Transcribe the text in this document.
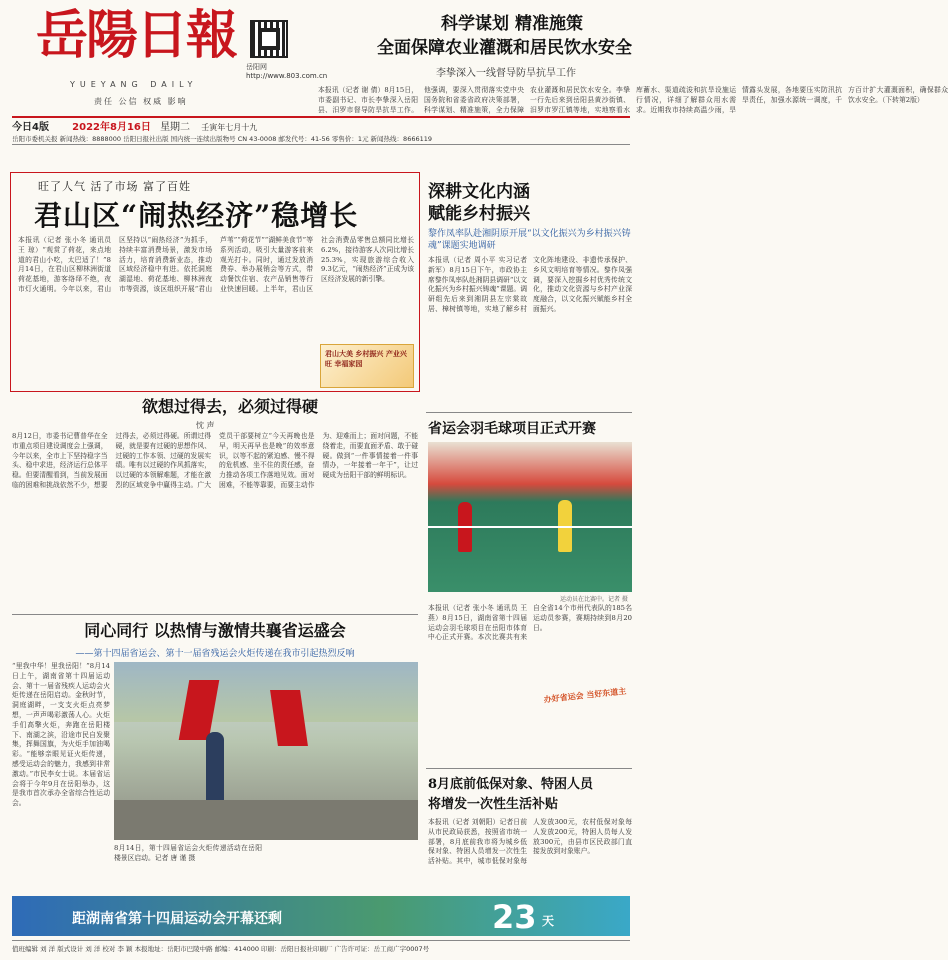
岳陽日報
YUEYANG DAILY
责任 公信 权威 影响
岳阳网
http://www.803.com.cn
科学谋划 精准施策
全面保障农业灌溉和居民饮水安全
李挚深入一线督导防旱抗旱工作
本报讯（记者 谢 倩）8月15日，市委副书记、市长李挚深入岳阳县、汨罗市督导防旱抗旱工作。他强调，要深入贯彻落实党中央国务院和省委省政府决策部署，科学谋划、精准施策，全力保障农业灌溉和居民饮水安全。李挚一行先后来到岳阳县黄沙街镇、汨罗市罗江镇等地，实地察看水库蓄水、渠道疏浚和抗旱设施运行情况，详细了解群众用水需求。近期我市持续高温少雨，旱情露头发展，各地要压实防汛抗旱责任，加强水源统一调度，千方百计扩大灌溉面积，确保群众饮水安全。（下转第2版）
今日4版 2022年8月16日 星期二 壬寅年七月十九
岳阳市委机关报 新闻热线：8888000 岳阳日报社出版 国内统一连续出版物号 CN 43-0008 邮发代号：41-56 零售价：1元 新闻热线：8666119
旺了人气 活了市场 富了百姓
君山区“闹热经济”稳增长
本报讯（记者 张小冬 通讯员 王 琼）“观赏了荷花，来点地道的君山小吃，太巴适了！”8月14日，在君山区柳林洲街道荷花基地，游客络绎不绝，夜市灯火通明。今年以来，君山区坚持以“闹热经济”为抓手，持续丰富消费场景，激发市场活力，培育消费新业态，推动区域经济稳中有进。依托洞庭湖湿地、荷花基地、柳林洲夜市等资源，该区组织开展“君山芦苇”“荷花节”“湖鲜美食节”等系列活动，吸引大量游客前来观光打卡。同时，通过发放消费券、举办展销会等方式，带动餐饮住宿、农产品销售等行业快速回暖。上半年，君山区社会消费品零售总额同比增长6.2%，接待游客人次同比增长25.3%，实现旅游综合收入9.3亿元，“闹热经济”正成为该区经济发展的新引擎。
君山大美 乡村振兴 产业兴旺 幸福家园
欲想过得去，必须过得硬
忱 声
8月12日，市委书记曹普华在全市重点项目建设调度会上强调，今年以来，全市上下坚持稳字当头、稳中求进，经济运行总体平稳。但要清醒看到，当前发展面临的困难和挑战依然不少，想要过得去，必须过得硬。所谓过得硬，就是要有过硬的思想作风、过硬的工作本领、过硬的发展实绩。唯有以过硬的作风抓落实，以过硬的本领解难题，才能在激烈的区域竞争中赢得主动。广大党员干部要树立“今天再晚也是早，明天再早也是晚”的效率意识，以等不起的紧迫感、慢不得的危机感、坐不住的责任感，奋力推动各项工作落地见效。面对困难，不能等靠要，而要主动作为、迎难而上；面对问题，不能绕着走，而要直面矛盾、敢于碰硬。做到“一件事情接着一件事情办，一年接着一年干”，让过硬成为岳阳干部的鲜明标识。
同心同行 以热情与激情共襄省运盛会
——第十四届省运会、第十一届省残运会火炬传递在我市引起热烈反响
“里我中华！里我岳阳！”8月14日上午，湖南省第十四届运动会、第十一届省残疾人运动会火炬传递在岳阳启动。金秋时节，洞庭湖畔，一支支火炬点亮梦想，一声声喝彩激荡人心。火炬手们高擎火炬，奔跑在岳阳楼下、南湖之滨，沿途市民自发聚集，挥舞国旗，为火炬手加油喝彩。“能够亲眼见证火炬传递，感受运动会的魅力，我感到非常激动。”市民李女士说。本届省运会将于今年9月在岳阳举办，这是我市首次承办全省综合性运动会。
8月14日，第十四届省运会火炬传递活动在岳阳楼景区启动。记者 唐 谨 摄
深耕文化内涵
赋能乡村振兴
黎作凤率队赴湘阴原开展“以文化振兴为乡村振兴铸魂”课题实地调研
本报讯（记者 周小平 实习记者 新军）8月15日下午，市政协主席黎作凤率队赴湘阴县调研“以文化振兴为乡村振兴铸魂”课题。调研组先后来到湘阴县左宗棠故居、樟树镇等地，实地了解乡村文化阵地建设、非遗传承保护、乡风文明培育等情况。黎作凤强调，要深入挖掘乡村优秀传统文化，推动文化资源与乡村产业深度融合，以文化振兴赋能乡村全面振兴。
省运会羽毛球项目正式开赛
运动员在比赛中。记者 摄
本报讯（记者 张小冬 通讯员 王 燕）8月15日，湖南省第十四届运动会羽毛球项目在岳阳市体育中心正式开赛。本次比赛共有来自全省14个市州代表队的185名运动员参赛，赛期持续到8月20日。
办好省运会 当好东道主
8月底前低保对象、特困人员
将增发一次性生活补贴
本报讯（记者 刘朝阳）记者日前从市民政局获悉，按照省市统一部署，8月底前我市将为城乡低保对象、特困人员增发一次性生活补贴。其中，城市低保对象每人发放300元，农村低保对象每人发放200元，特困人员每人发放300元，由县市区民政部门直接发放到对象账户。
距湖南省第十四届运动会开幕还剩	23 天
值班编辑 刘 洋 版式设计 刘 洋 校对 李 颖 本报地址：岳阳市巴陵中路 邮编：414000 印刷：岳阳日报社印刷厂 广告许可证：岳工商广字0007号
